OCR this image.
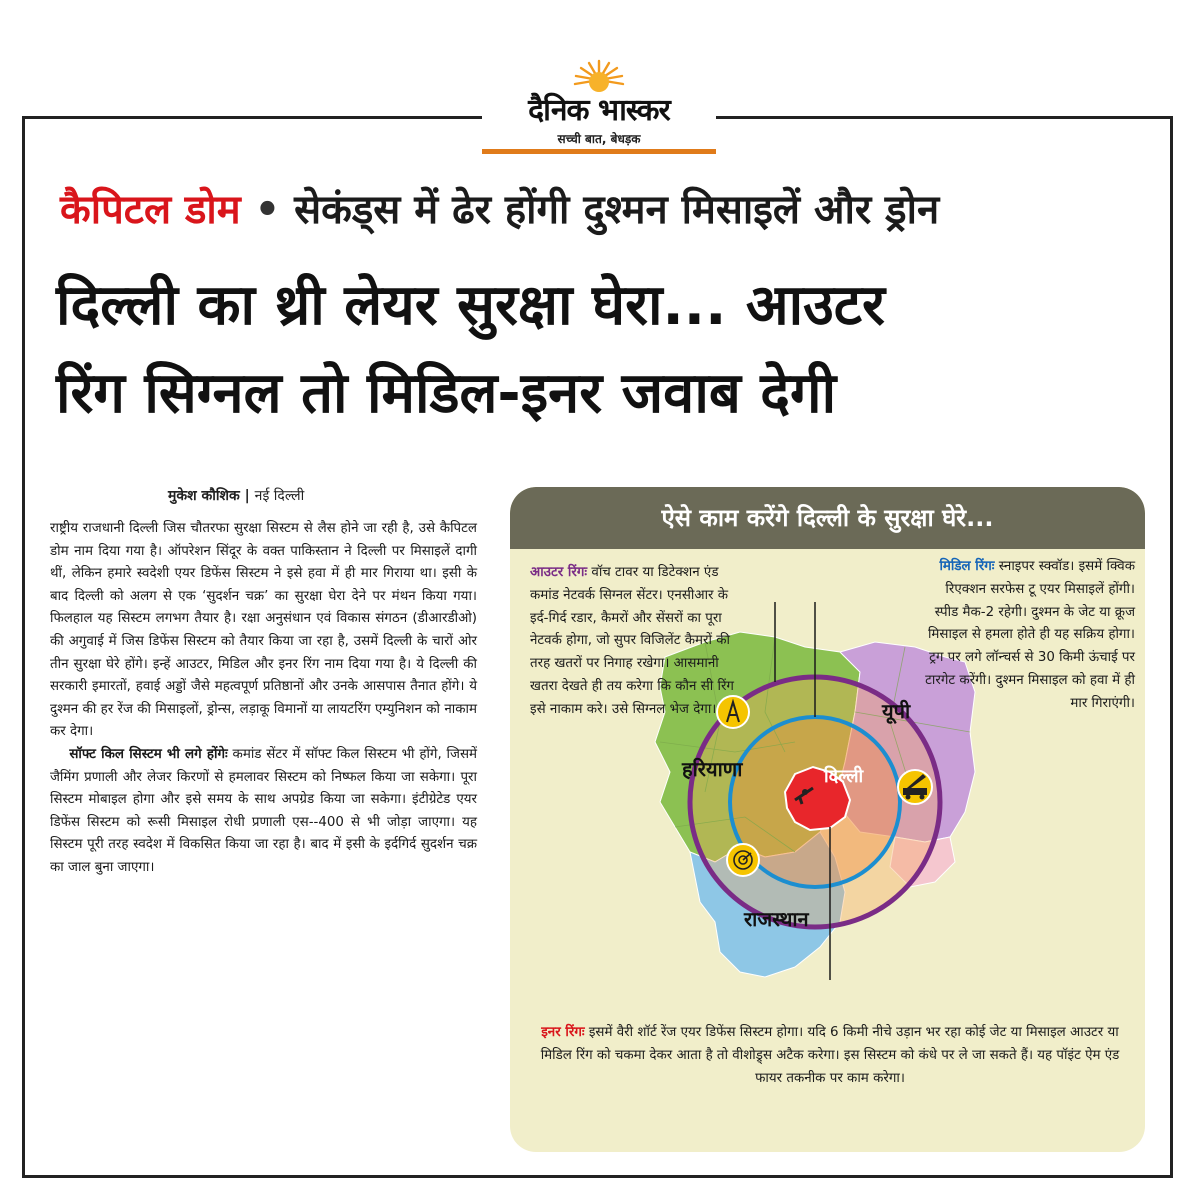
दैनिक भास्कर
सच्ची बात, बेधड़क
कैपिटल डोम • सेकंड्स में ढेर होंगी दुश्मन मिसाइलें और ड्रोन
दिल्ली का थ्री लेयर सुरक्षा घेरा... आउटर
रिंग सिग्नल तो मिडिल-इनर जवाब देगी
मुकेश कौशिक | नई दिल्ली

राष्ट्रीय राजधानी दिल्ली जिस चौतरफा सुरक्षा सिस्टम से लैस होने जा रही है, उसे कैपिटल डोम नाम दिया गया है। ऑपरेशन सिंदूर के वक्त पाकिस्तान ने दिल्ली पर मिसाइलें दागी थीं, लेकिन हमारे स्वदेशी एयर डिफेंस सिस्टम ने इसे हवा में ही मार गिराया था। इसी के बाद दिल्ली को अलग से एक ‘सुदर्शन चक्र’ का सुरक्षा घेरा देने पर मंथन किया गया। फिलहाल यह सिस्टम लगभग तैयार है। रक्षा अनुसंधान एवं विकास संगठन (डीआरडीओ) की अगुवाई में जिस डिफेंस सिस्टम को तैयार किया जा रहा है, उसमें दिल्ली के चारों ओर तीन सुरक्षा घेरे होंगे। इन्हें आउटर, मिडिल और इनर रिंग नाम दिया गया है। ये दिल्ली की सरकारी इमारतों, हवाई अड्डों जैसे महत्वपूर्ण प्रतिष्ठानों और उनके आसपास तैनात होंगे। ये दुश्मन की हर रेंज की मिसाइलों, ड्रोन्स, लड़ाकू विमानों या लायटरिंग एम्युनिशन को नाकाम कर देगा।

सॉफ्ट किल सिस्टम भी लगे होंगेः कमांड सेंटर में सॉफ्ट किल सिस्टम भी होंगे, जिसमें जैमिंग प्रणाली और लेजर किरणों से हमलावर सिस्टम को निष्फल किया जा सकेगा। पूरा सिस्टम मोबाइल होगा और इसे समय के साथ अपग्रेड किया जा सकेगा। इंटीग्रेटेड एयर डिफेंस सिस्टम को रूसी मिसाइल रोधी प्रणाली एस--400 से भी जोड़ा जाएगा। यह सिस्टम पूरी तरह स्वदेश में विकसित किया जा रहा है। बाद में इसी के इर्दगिर्द सुदर्शन चक्र का जाल बुना जाएगा।

ऐसे काम करेंगे दिल्ली के सुरक्षा घेरे...
हरियाणा
यूपी
राजस्थान
दिल्ली
आउटर रिंगः वॉच टावर या डिटेक्शन एंड कमांड नेटवर्क सिग्नल सेंटर। एनसीआर के इर्द-गिर्द रडार, कैमरों और सेंसरों का पूरा नेटवर्क होगा, जो सुपर विजिलेंट कैमरों की तरह खतरों पर निगाह रखेगा। आसमानी खतरा देखते ही तय करेगा कि कौन सी रिंग इसे नाकाम करे। उसे सिग्नल भेज देगा।
मिडिल रिंगः स्नाइपर स्क्वॉड। इसमें क्विक रिएक्शन सरफेस टू एयर मिसाइलें होंगी। स्पीड मैक-2 रहेगी। दुश्मन के जेट या क्रूज मिसाइल से हमला होते ही यह सक्रिय होगा। ट्रग पर लगे लॉन्चर्स से 30 किमी ऊंचाई पर टारगेट करेंगी। दुश्मन मिसाइल को हवा में ही मार गिराएंगी।
इनर रिंगः इसमें वैरी शॉर्ट रेंज एयर डिफेंस सिस्टम होगा। यदि 6 किमी नीचे उड़ान भर रहा कोई जेट या मिसाइल आउटर या मिडिल रिंग को चकमा देकर आता है तो वीशोड्र्स अटैक करेगा। इस सिस्टम को कंधे पर ले जा सकते हैं। यह पॉइंट ऐम एंड फायर तकनीक पर काम करेगा।
